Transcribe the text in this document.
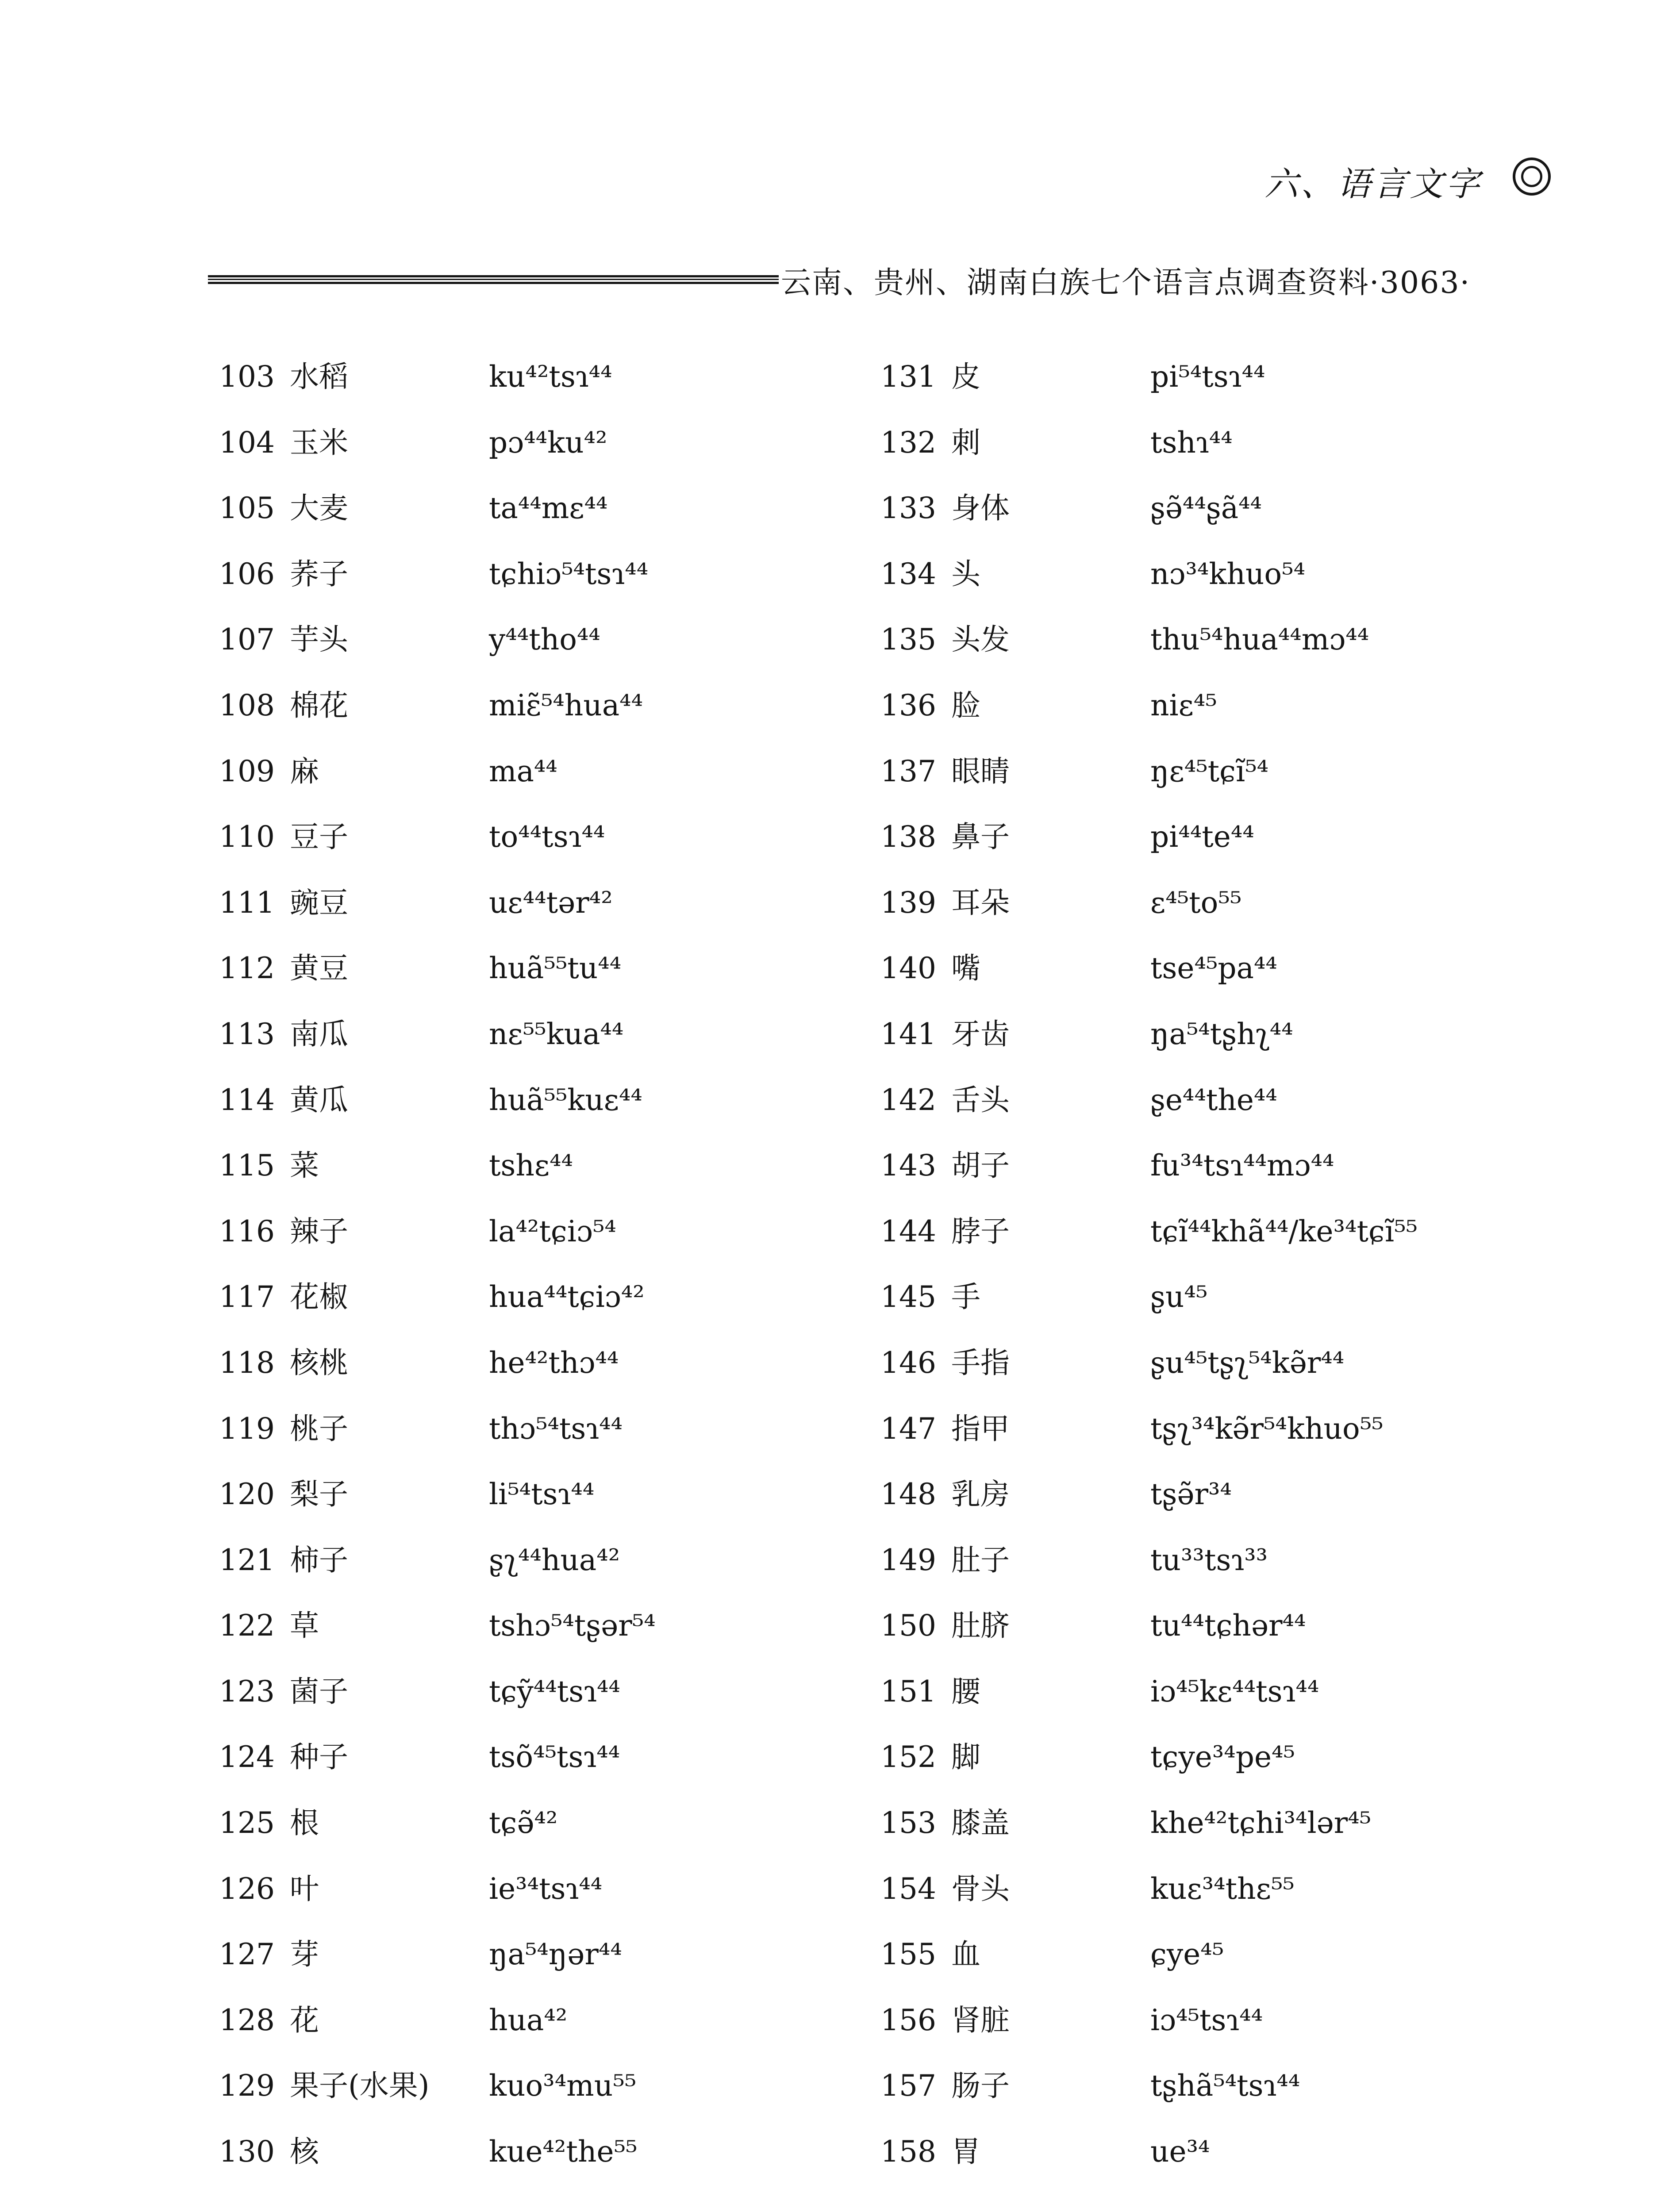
六、语言文字
云南、贵州、湖南白族七个语言点调查资料·3063·
103 水稻	ku⁴²tsɿ⁴⁴
104 玉米	pɔ⁴⁴ku⁴²
105 大麦	ta⁴⁴mɛ⁴⁴
106 荞子	tɕhiɔ⁵⁴tsɿ⁴⁴
107 芋头	y⁴⁴tho⁴⁴
108 棉花	miɛ̃⁵⁴hua⁴⁴
109 麻	ma⁴⁴
110 豆子	to⁴⁴tsɿ⁴⁴
111 豌豆	uɛ⁴⁴tər⁴²
112 黄豆	huã⁵⁵tu⁴⁴
113 南瓜	nɛ⁵⁵kua⁴⁴
114 黄瓜	huã⁵⁵kuɛ⁴⁴
115 菜	tshɛ⁴⁴
116 辣子	la⁴²tɕiɔ⁵⁴
117 花椒	hua⁴⁴tɕiɔ⁴²
118 核桃	he⁴²thɔ⁴⁴
119 桃子	thɔ⁵⁴tsɿ⁴⁴
120 梨子	li⁵⁴tsɿ⁴⁴
121 柿子	ʂʅ⁴⁴hua⁴²
122 草	tshɔ⁵⁴tʂər⁵⁴
123 菌子	tɕỹ⁴⁴tsɿ⁴⁴
124 种子	tsõ⁴⁵tsɿ⁴⁴
125 根	tɕə̃⁴²
126 叶	ie³⁴tsɿ⁴⁴
127 芽	ŋa⁵⁴ŋər⁴⁴
128 花	hua⁴²
129 果子(水果) kuo³⁴mu⁵⁵
130 核	kue⁴²the⁵⁵
131 皮	pi⁵⁴tsɿ⁴⁴
132 刺	tshɿ⁴⁴
133 身体	ʂə̃⁴⁴ʂã⁴⁴
134 头	nɔ³⁴khuo⁵⁴
135 头发	thu⁵⁴hua⁴⁴mɔ⁴⁴
136 脸	niɛ⁴⁵
137 眼睛	ŋɛ⁴⁵tɕĩ⁵⁴
138 鼻子	pi⁴⁴te⁴⁴
139 耳朵	ɛ⁴⁵to⁵⁵
140 嘴	tse⁴⁵pa⁴⁴
141 牙齿	ŋa⁵⁴tʂhʅ⁴⁴
142 舌头	ʂe⁴⁴the⁴⁴
143 胡子	fu³⁴tsɿ⁴⁴mɔ⁴⁴
144 脖子	tɕĩ⁴⁴khã⁴⁴/ke³⁴tɕĩ⁵⁵
145 手	ʂu⁴⁵
146 手指	ʂu⁴⁵tʂʅ⁵⁴kə̃r⁴⁴
147 指甲	tʂʅ³⁴kə̃r⁵⁴khuo⁵⁵
148 乳房	tʂə̃r³⁴
149 肚子	tu³³tsɿ³³
150 肚脐	tu⁴⁴tɕhər⁴⁴
151 腰	iɔ⁴⁵kɛ⁴⁴tsɿ⁴⁴
152 脚	tɕye³⁴pe⁴⁵
153 膝盖	khe⁴²tɕhi³⁴lər⁴⁵
154 骨头	kuɛ³⁴thɛ⁵⁵
155 血	ɕye⁴⁵
156 肾脏	iɔ⁴⁵tsɿ⁴⁴
157 肠子	tʂhã⁵⁴tsɿ⁴⁴
158 胃	ue³⁴
